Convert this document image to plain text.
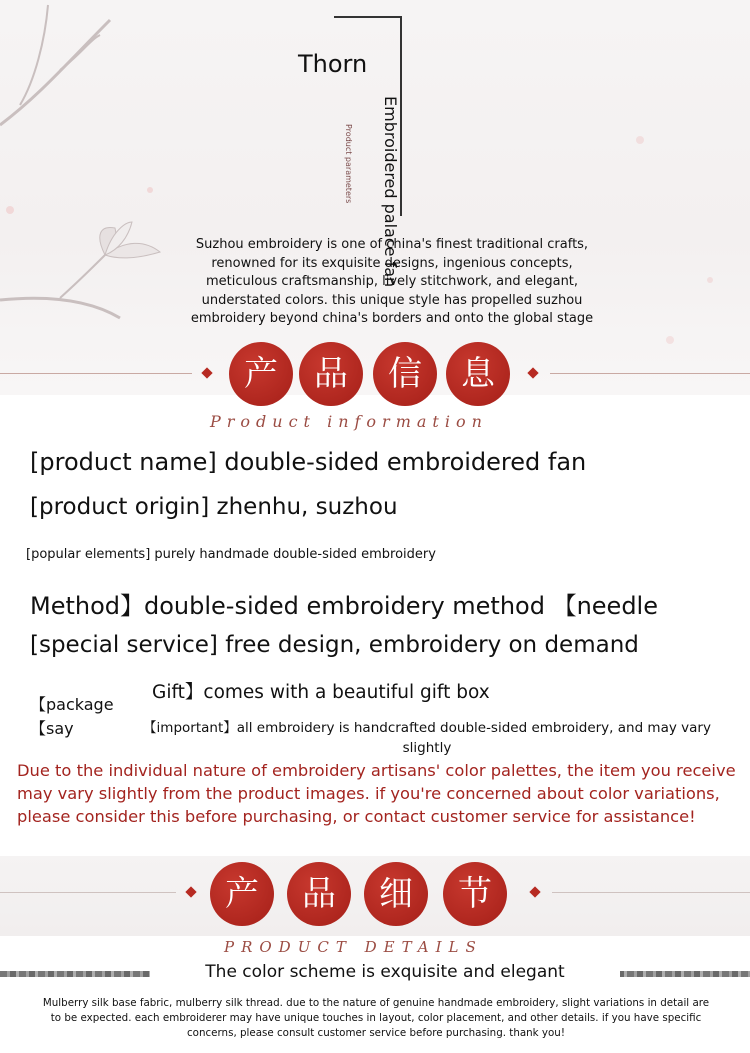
Thorn
Embroidered palace fan
Product parameters
Suzhou embroidery is one of china's finest traditional crafts, renowned for its exquisite designs, ingenious concepts, meticulous craftsmanship, lively stitchwork, and elegant, understated colors. this unique style has propelled suzhou embroidery beyond china's borders and onto the global stage
产	品	信	息
Product information
[product name] double-sided embroidered fan
[product origin] zhenhu, suzhou
[popular elements] purely handmade double-sided embroidery
Method】double-sided embroidery method 【needle
[special service] free design, embroidery on demand
【package
【say
Gift】comes with a beautiful gift box
【important】all embroidery is handcrafted double-sided embroidery, and may vary slightly
Due to the individual nature of embroidery artisans' color palettes, the item you receive may vary slightly from the product images. if you're concerned about color variations, please consider this before purchasing, or contact customer service for assistance!
产	品	细	节
PRODUCT DETAILS
The color scheme is exquisite and elegant
Mulberry silk base fabric, mulberry silk thread. due to the nature of genuine handmade embroidery, slight variations in detail are to be expected. each embroiderer may have unique touches in layout, color placement, and other details. if you have specific concerns, please consult customer service before purchasing. thank you!
